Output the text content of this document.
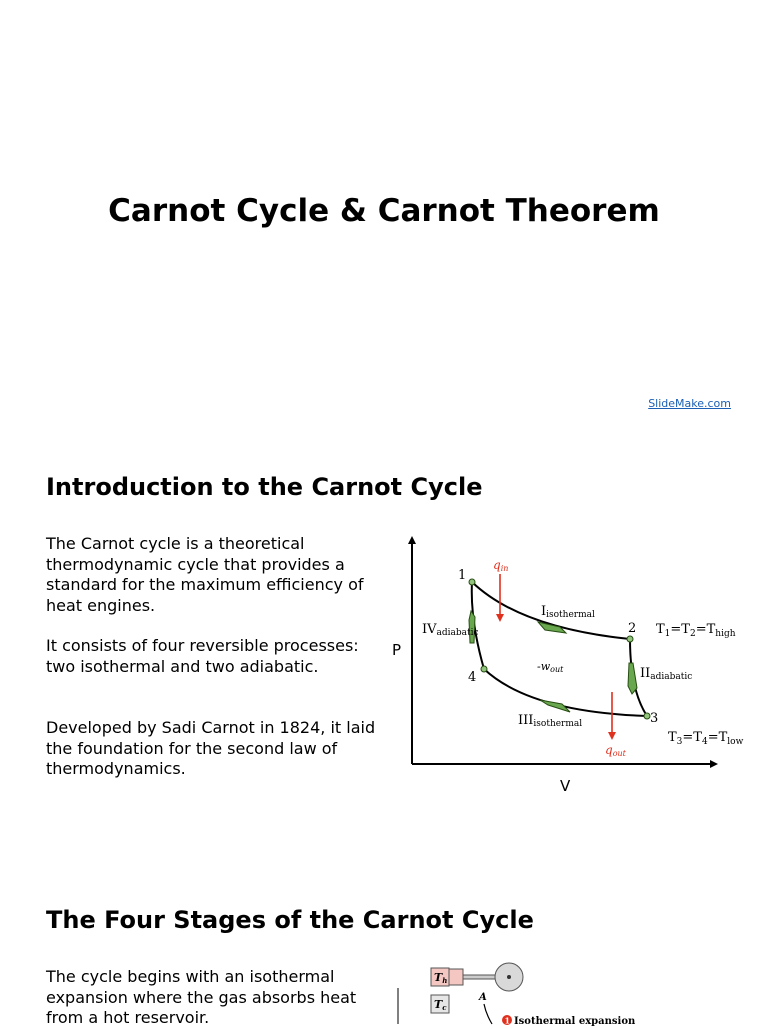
Carnot Cycle & Carnot Theorem
SlideMake.com
Introduction to the Carnot Cycle

The Carnot cycle is a theoretical thermodynamic cycle that provides a standard for the maximum efficiency of heat engines.

It consists of four reversible processes: two isothermal and two adiabatic.

Developed by Sadi Carnot in 1824, it laid the foundation for the second law of thermodynamics.

P
V
1
2
3
4
qin
qout
-wout
Iisothermal
IIadiabatic
IIIisothermal
IVadiabatic	$T_1=T_2=T_{high}$
$T_3=T_4=T_{low}$
The Four Stages of the Carnot Cycle

The cycle begins with an isothermal expansion where the gas absorbs heat from a hot reservoir.

Th
Tc
A
1 Isothermal expansion
